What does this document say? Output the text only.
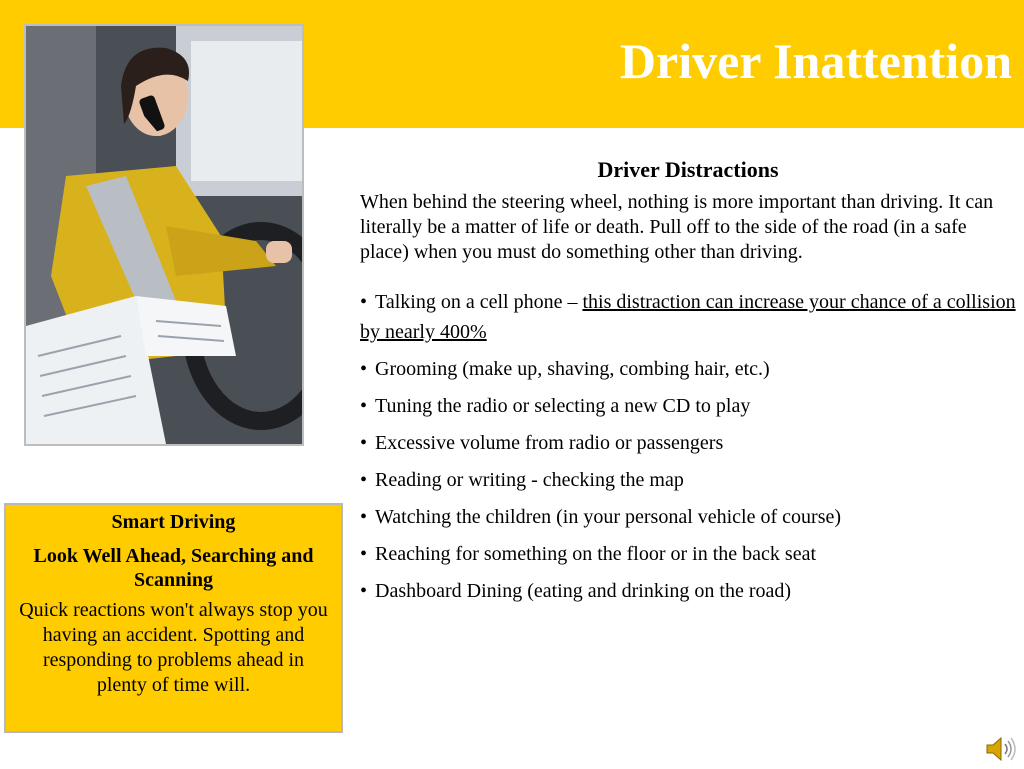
Driver Inattention
Smart Driving
Look Well Ahead, Searching and Scanning
Quick reactions won't always stop you having an accident. Spotting and responding to problems ahead in plenty of time will.
Driver Distractions
When behind the steering wheel, nothing is more important than driving. It can literally be a matter of life or death. Pull off to the side of the road (in a safe place) when you must do something other than driving.
• Talking on a cell phone – this distraction can increase your chance of a collision by nearly 400%
• Grooming (make up, shaving, combing hair, etc.)
• Tuning the radio or selecting a new CD to play
• Excessive volume from radio or passengers
• Reading or writing - checking the map
• Watching the children (in your personal vehicle of course)
• Reaching for something on the floor or in the back seat
• Dashboard Dining (eating and drinking on the road)
